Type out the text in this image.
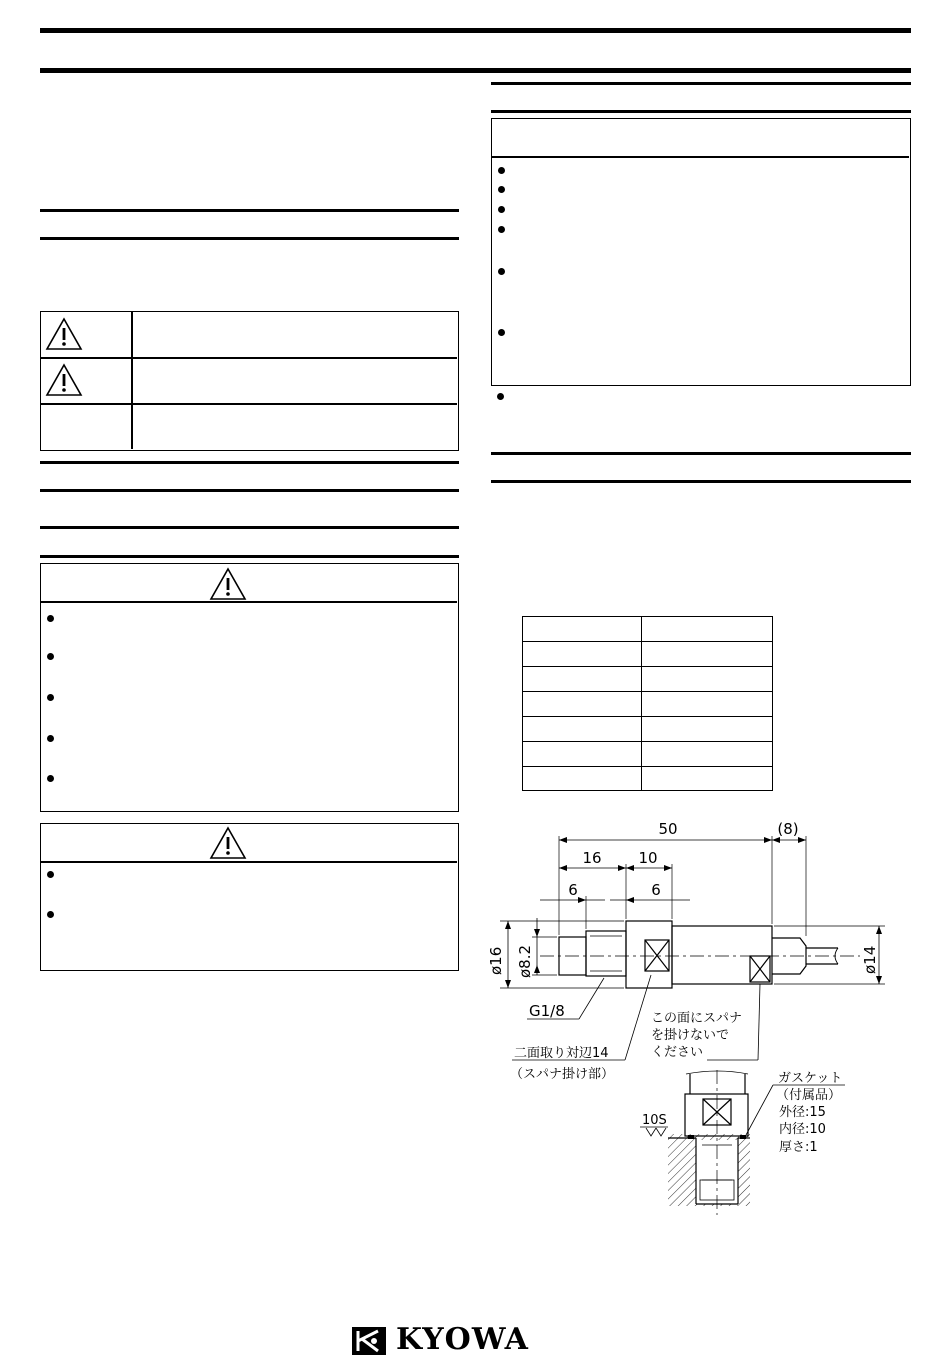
50	(8)
16 10
6	6
ø16 ø8.2	ø14
G1/8	この面にスパナ
を掛けないで
ください
二面取り対辺14
（スパナ掛け部）
10S
ガスケット
（付属品）
外径:15
内径:10
厚さ:1
KYOWA
